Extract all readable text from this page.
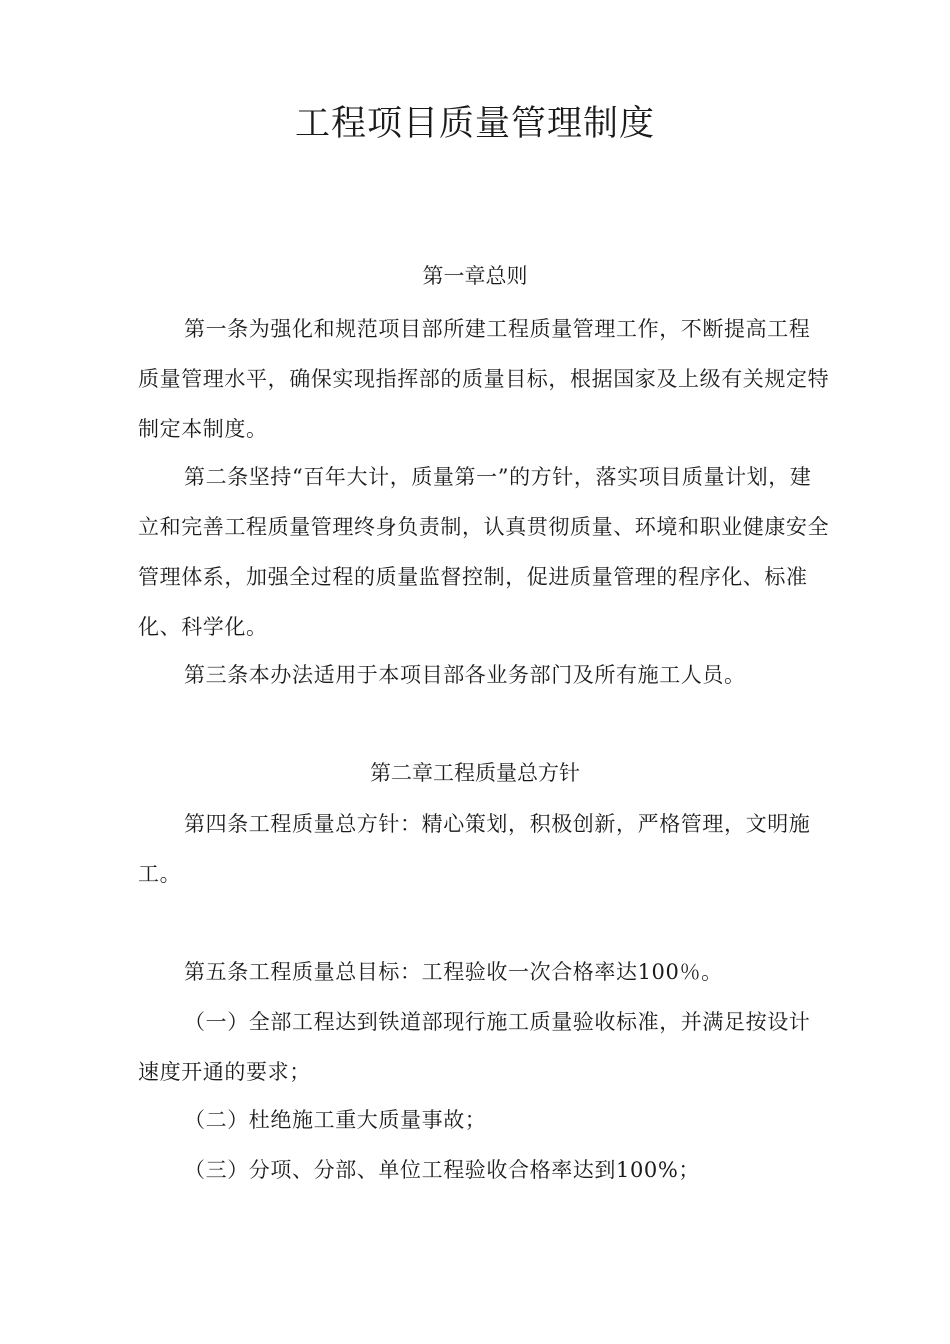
工程项目质量管理制度
第一章总则

第一条为强化和规范项目部所建工程质量管理工作，不断提高工程质量管理水平，确保实现指挥部的质量目标，根据国家及上级有关规定特制定本制度。

第二条坚持“百年大计，质量第一”的方针，落实项目质量计划，建立和完善工程质量管理终身负责制，认真贯彻质量、环境和职业健康安全管理体系，加强全过程的质量监督控制，促进质量管理的程序化、标准化、科学化。

第三条本办法适用于本项目部各业务部门及所有施工人员。

第二章工程质量总方针

第四条工程质量总方针：精心策划，积极创新，严格管理，文明施工。

第五条工程质量总目标：工程验收一次合格率达100％。

（一）全部工程达到铁道部现行施工质量验收标准，并满足按设计速度开通的要求；

（二）杜绝施工重大质量事故；

（三）分项、分部、单位工程验收合格率达到100%；
